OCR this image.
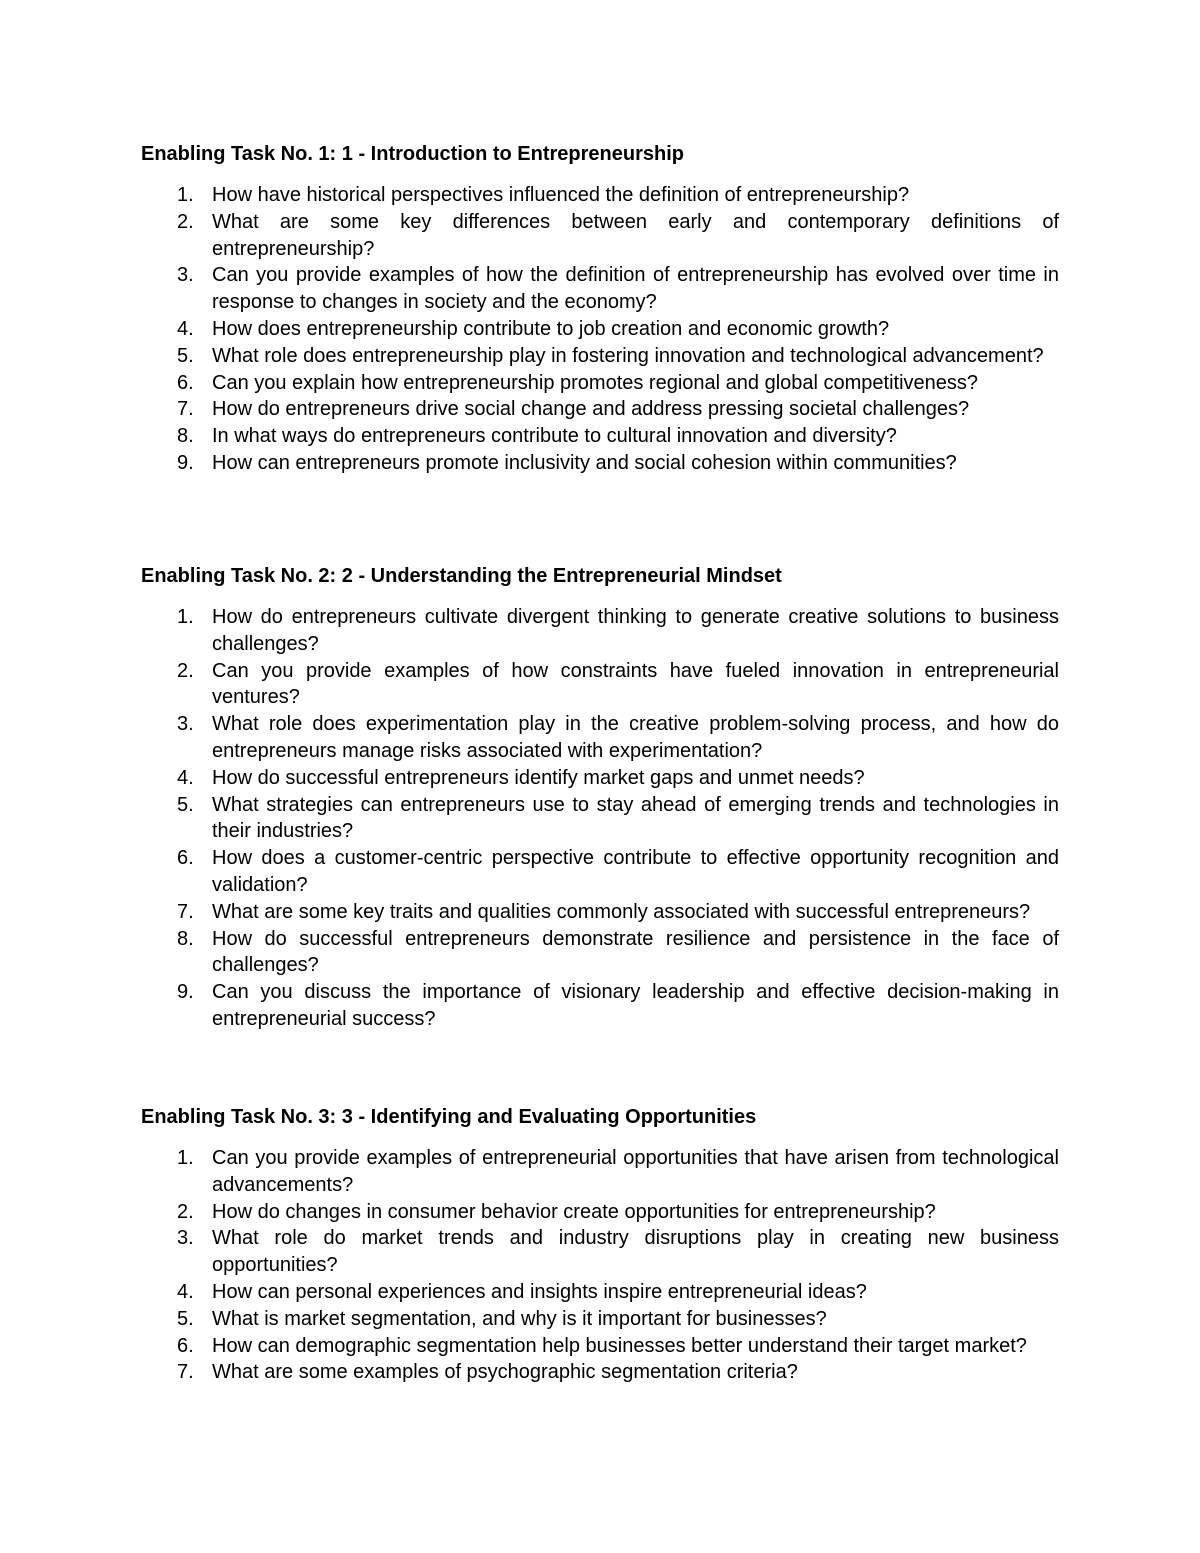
Enabling Task No. 1: 1 - Introduction to Entrepreneurship
1. How have historical perspectives influenced the definition of entrepreneurship?
2. What are some key differences between early and contemporary definitions of entrepreneurship?
3. Can you provide examples of how the definition of entrepreneurship has evolved over time in response to changes in society and the economy?
4. How does entrepreneurship contribute to job creation and economic growth?
5. What role does entrepreneurship play in fostering innovation and technological advancement?
6. Can you explain how entrepreneurship promotes regional and global competitiveness?
7. How do entrepreneurs drive social change and address pressing societal challenges?
8. In what ways do entrepreneurs contribute to cultural innovation and diversity?
9. How can entrepreneurs promote inclusivity and social cohesion within communities?
Enabling Task No. 2: 2 - Understanding the Entrepreneurial Mindset
1. How do entrepreneurs cultivate divergent thinking to generate creative solutions to business challenges?
2. Can you provide examples of how constraints have fueled innovation in entrepreneurial ventures?
3. What role does experimentation play in the creative problem-solving process, and how do entrepreneurs manage risks associated with experimentation?
4. How do successful entrepreneurs identify market gaps and unmet needs?
5. What strategies can entrepreneurs use to stay ahead of emerging trends and technologies in their industries?
6. How does a customer-centric perspective contribute to effective opportunity recognition and validation?
7. What are some key traits and qualities commonly associated with successful entrepreneurs?
8. How do successful entrepreneurs demonstrate resilience and persistence in the face of challenges?
9. Can you discuss the importance of visionary leadership and effective decision-making in entrepreneurial success?
Enabling Task No. 3: 3 - Identifying and Evaluating Opportunities
1. Can you provide examples of entrepreneurial opportunities that have arisen from technological advancements?
2. How do changes in consumer behavior create opportunities for entrepreneurship?
3. What role do market trends and industry disruptions play in creating new business opportunities?
4. How can personal experiences and insights inspire entrepreneurial ideas?
5. What is market segmentation, and why is it important for businesses?
6. How can demographic segmentation help businesses better understand their target market?
7. What are some examples of psychographic segmentation criteria?
